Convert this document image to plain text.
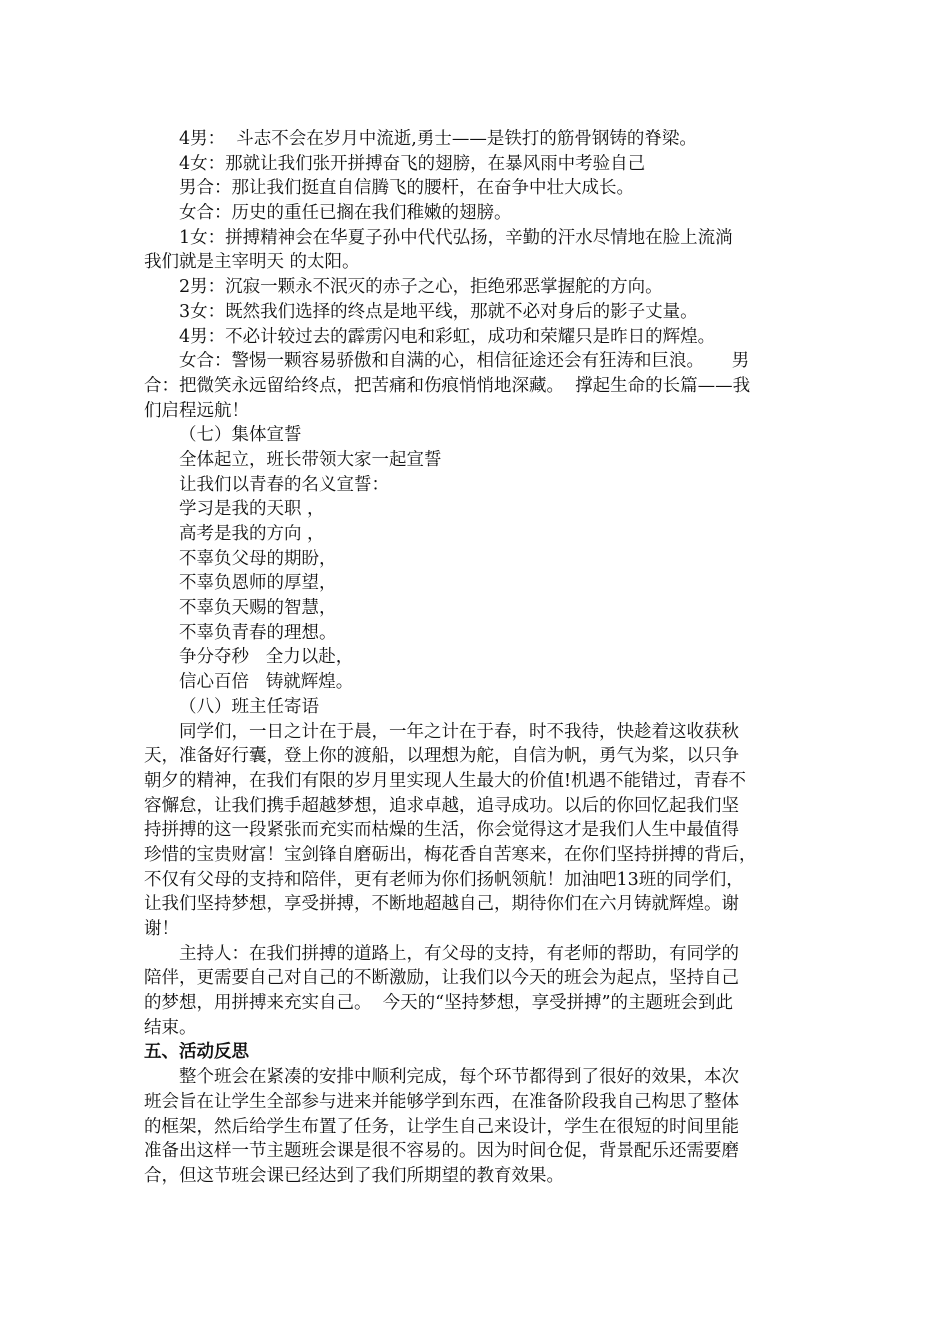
4男：  斗志不会在岁月中流逝,勇士——是铁打的筋骨钢铸的脊梁。
4女：那就让我们张开拼搏奋飞的翅膀，在暴风雨中考验自己
男合：那让我们挺直自信腾飞的腰杆，在奋争中壮大成长。
女合：历史的重任已搁在我们稚嫩的翅膀。
1女：拼搏精神会在华夏子孙中代代弘扬，辛勤的汗水尽情地在脸上流淌
我们就是主宰明天 的太阳。
2男：沉寂一颗永不泯灭的赤子之心，拒绝邪恶掌握舵的方向。
3女：既然我们选择的终点是地平线，那就不必对身后的影子丈量。
4男：不必计较过去的霹雳闪电和彩虹，成功和荣耀只是昨日的辉煌。
女合：警惕一颗容易骄傲和自满的心，相信征途还会有狂涛和巨浪。     男
合：把微笑永远留给终点，把苦痛和伤痕悄悄地深藏。  撑起生命的长篇——我
们启程远航！
（七）集体宣誓
全体起立，班长带领大家一起宣誓
让我们以青春的名义宣誓：
学习是我的天职 ，
高考是我的方向 ，
不辜负父母的期盼，
不辜负恩师的厚望，
不辜负天赐的智慧，
不辜负青春的理想。
争分夺秒   全力以赴，
信心百倍   铸就辉煌。
（八）班主任寄语
同学们，一日之计在于晨，一年之计在于春，时不我待，快趁着这收获秋
天，准备好行囊，登上你的渡船，以理想为舵，自信为帆，勇气为桨，以只争
朝夕的精神，在我们有限的岁月里实现人生最大的价值!机遇不能错过，青春不
容懈怠，让我们携手超越梦想，追求卓越，追寻成功。以后的你回忆起我们坚
持拼搏的这一段紧张而充实而枯燥的生活，你会觉得这才是我们人生中最值得
珍惜的宝贵财富！宝剑锋自磨砺出，梅花香自苦寒来，在你们坚持拼搏的背后，
不仅有父母的支持和陪伴，更有老师为你们扬帆领航！加油吧13班的同学们，
让我们坚持梦想，享受拼搏，不断地超越自己，期待你们在六月铸就辉煌。谢
谢！
主持人：在我们拼搏的道路上，有父母的支持，有老师的帮助，有同学的
陪伴，更需要自己对自己的不断激励，让我们以今天的班会为起点，坚持自己
的梦想，用拼搏来充实自己。  今天的“坚持梦想，享受拼搏”的主题班会到此
结束。
五、活动反思
整个班会在紧凑的安排中顺利完成，每个环节都得到了很好的效果，本次
班会旨在让学生全部参与进来并能够学到东西，在准备阶段我自己构思了整体
的框架，然后给学生布置了任务，让学生自己来设计，学生在很短的时间里能
准备出这样一节主题班会课是很不容易的。因为时间仓促，背景配乐还需要磨
合，但这节班会课已经达到了我们所期望的教育效果。
